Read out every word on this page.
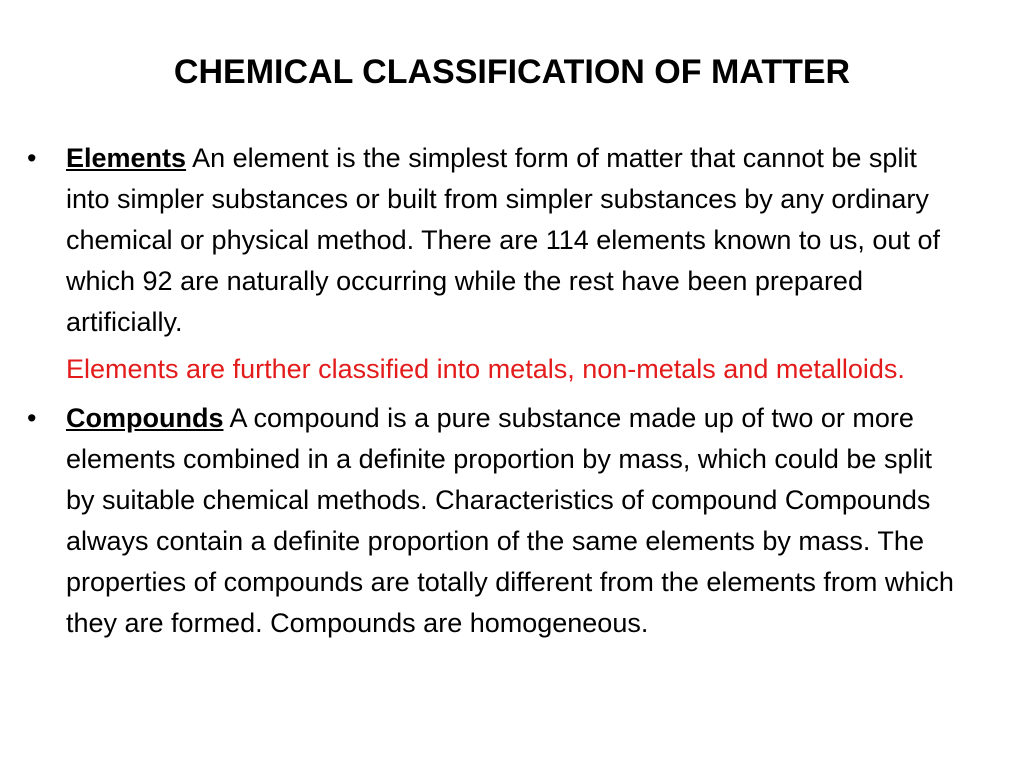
CHEMICAL CLASSIFICATION OF MATTER
•	Elements An element is the simplest form of matter that cannot be split into simpler substances or built from simpler substances by any ordinary chemical or physical method. There are 114 elements known to us, out of which 92 are naturally occurring while the rest have been prepared artificially.
Elements are further classified into metals, non-metals and metalloids.
•	Compounds A compound is a pure substance made up of two or more elements combined in a definite proportion by mass, which could be split by suitable chemical methods. Characteristics of compound Compounds always contain a definite proportion of the same elements by mass. The properties of compounds are totally different from the elements from which they are formed. Compounds are homogeneous.
